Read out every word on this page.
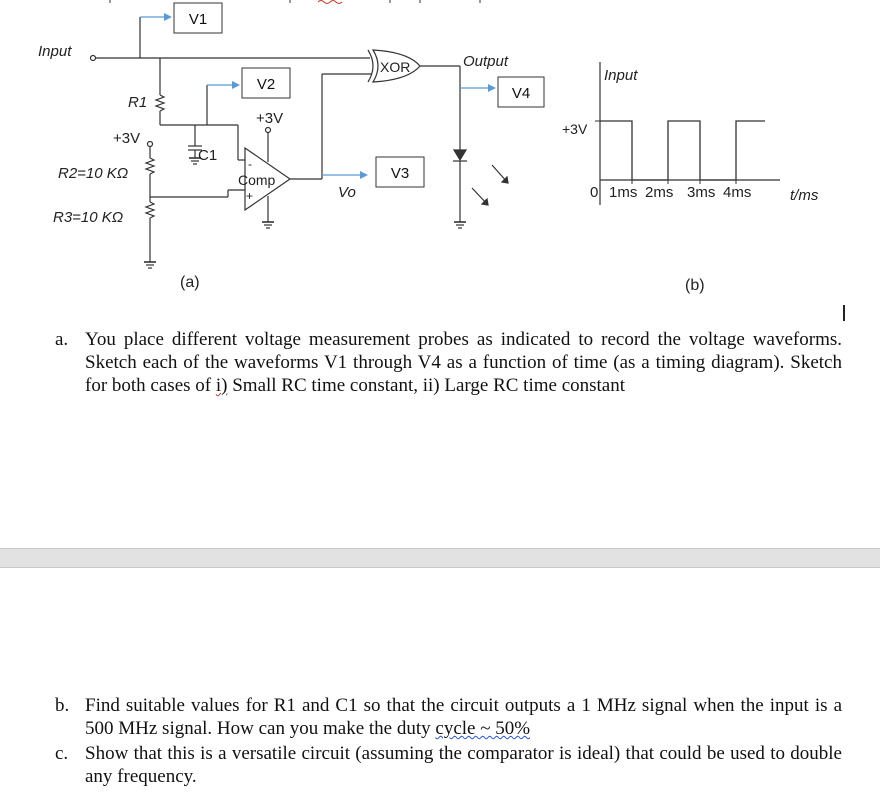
V1
V2
V3
V4
Input
Output
R1
+3V
R2=10 KΩ
R3=10 KΩ
C1
+3V
Comp
-
+
XOR
Vo
(a)	(b)
Input
+3V
0 1ms 2ms 3ms 4ms	t/ms
a. You place different voltage measurement probes as indicated to record the voltage waveforms. Sketch each of the waveforms V1 through V4 as a function of time (as a timing diagram). Sketch for both cases of i) Small RC time constant, ii) Large RC time constant
b. Find suitable values for R1 and C1 so that the circuit outputs a 1 MHz signal when the input is a 500 MHz signal. How can you make the duty cycle ~ 50%
c. Show that this is a versatile circuit (assuming the comparator is ideal) that could be used to double any frequency.
